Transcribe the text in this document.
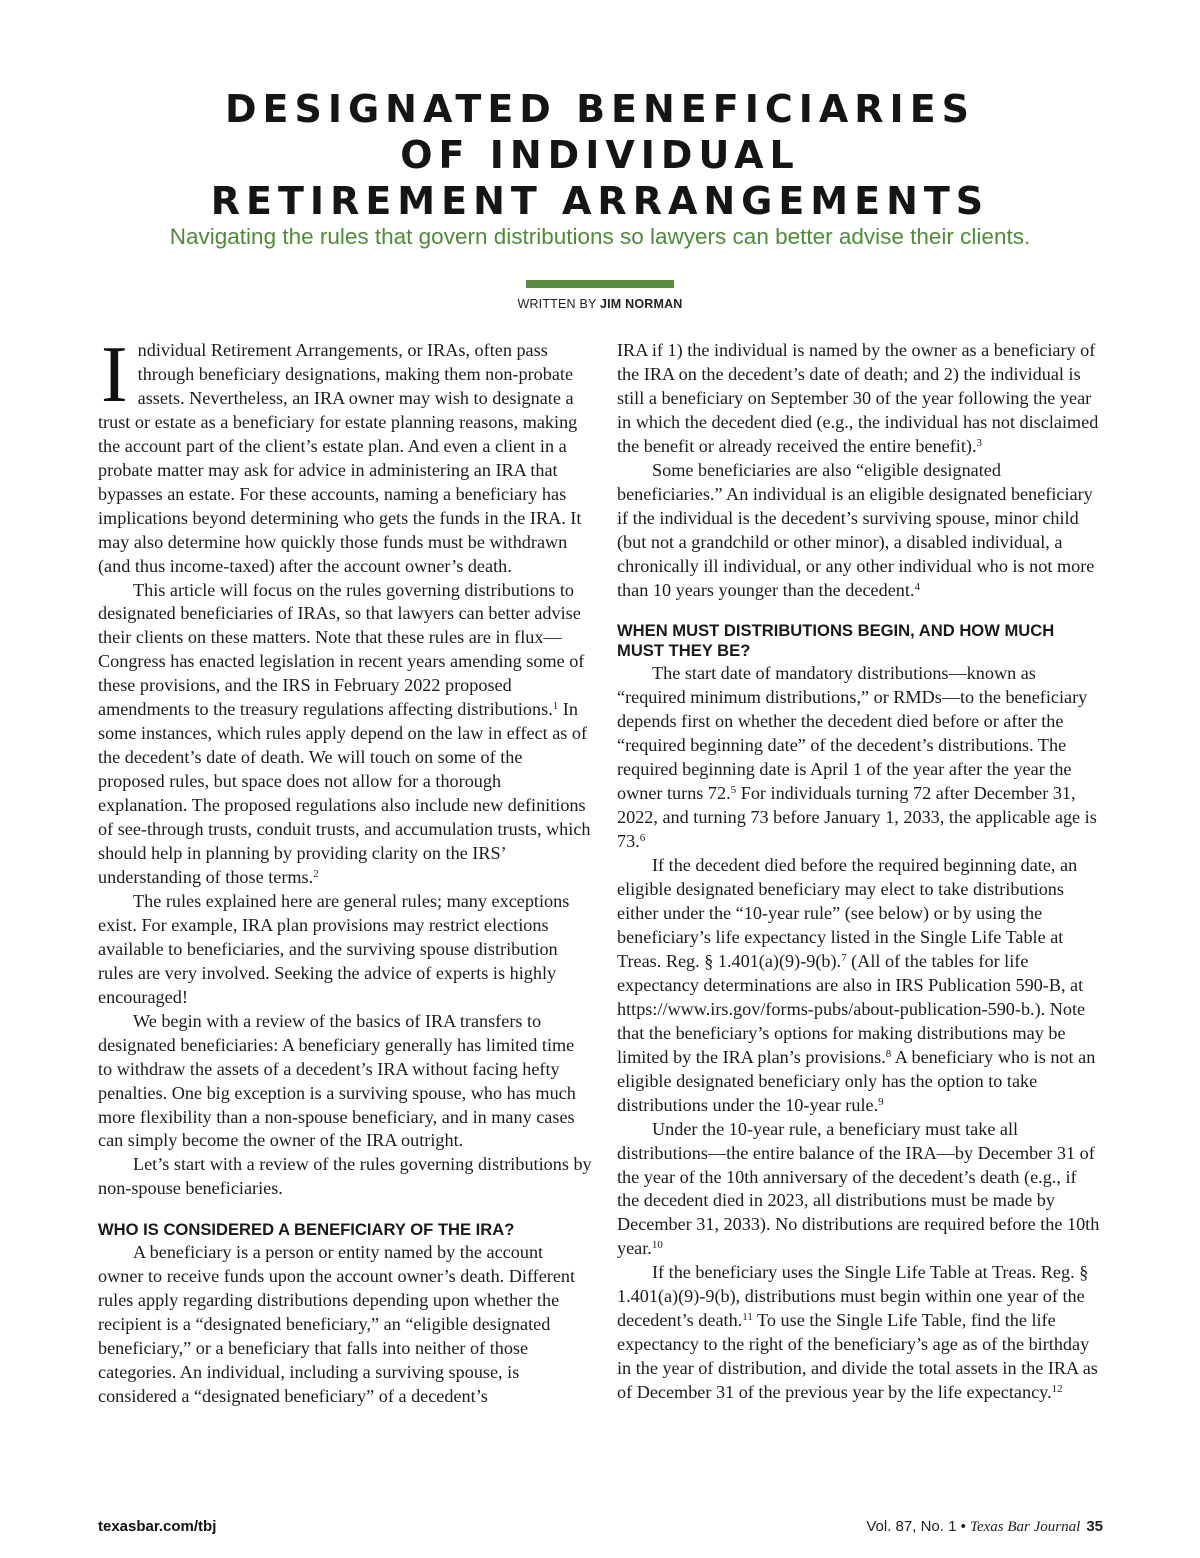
DESIGNATED BENEFICIARIES
OF INDIVIDUAL
RETIREMENT ARRANGEMENTS
Navigating the rules that govern distributions so lawyers can better advise their clients.
WRITTEN BY JIM NORMAN

Individual Retirement Arrangements, or IRAs, often pass through beneficiary designations, making them non-probate assets. Nevertheless, an IRA owner may wish to designate a trust or estate as a beneficiary for estate planning reasons, making the account part of the client’s estate plan. And even a client in a probate matter may ask for advice in administering an IRA that bypasses an estate. For these accounts, naming a beneficiary has implications beyond determining who gets the funds in the IRA. It may also determine how quickly those funds must be withdrawn (and thus income-taxed) after the account owner’s death.

This article will focus on the rules governing distributions to designated beneficiaries of IRAs, so that lawyers can better advise their clients on these matters. Note that these rules are in flux—Congress has enacted legislation in recent years amending some of these provisions, and the IRS in February 2022 proposed amendments to the treasury regulations affecting distributions.$^1$ In some instances, which rules apply depend on the law in effect as of the decedent’s date of death. We will touch on some of the proposed rules, but space does not allow for a thorough explanation. The proposed regulations also include new definitions of see-through trusts, conduit trusts, and accumulation trusts, which should help in planning by providing clarity on the IRS’ understanding of those terms.$^2$

The rules explained here are general rules; many exceptions exist. For example, IRA plan provisions may restrict elections available to beneficiaries, and the surviving spouse distribution rules are very involved. Seeking the advice of experts is highly encouraged!

We begin with a review of the basics of IRA transfers to designated beneficiaries: A beneficiary generally has limited time to withdraw the assets of a decedent’s IRA without facing hefty penalties. One big exception is a surviving spouse, who has much more flexibility than a non-spouse beneficiary, and in many cases can simply become the owner of the IRA outright.

Let’s start with a review of the rules governing distributions by non-spouse beneficiaries.

WHO IS CONSIDERED A BENEFICIARY OF THE IRA?

A beneficiary is a person or entity named by the account owner to receive funds upon the account owner’s death. Different rules apply regarding distributions depending upon whether the recipient is a “designated beneficiary,” an “eligible designated beneficiary,” or a beneficiary that falls into neither of those categories. An individual, including a surviving spouse, is considered a “designated beneficiary” of a decedent’s

IRA if 1) the individual is named by the owner as a beneficiary of the IRA on the decedent’s date of death; and 2) the individual is still a beneficiary on September 30 of the year following the year in which the decedent died (e.g., the individual has not disclaimed the benefit or already received the entire benefit).$^3$

Some beneficiaries are also “eligible designated beneficiaries.” An individual is an eligible designated beneficiary if the individual is the decedent’s surviving spouse, minor child (but not a grandchild or other minor), a disabled individual, a chronically ill individual, or any other individual who is not more than 10 years younger than the decedent.$^4$

WHEN MUST DISTRIBUTIONS BEGIN, AND HOW MUCH MUST THEY BE?

The start date of mandatory distributions—known as “required minimum distributions,” or RMDs—to the beneficiary depends first on whether the decedent died before or after the “required beginning date” of the decedent’s distributions. The required beginning date is April 1 of the year after the year the owner turns 72.$^5$ For individuals turning 72 after December 31, 2022, and turning 73 before January 1, 2033, the applicable age is 73.$^6$

If the decedent died before the required beginning date, an eligible designated beneficiary may elect to take distributions either under the “10-year rule” (see below) or by using the beneficiary’s life expectancy listed in the Single Life Table at Treas. Reg. § 1.401(a)(9)-9(b).$^7$ (All of the tables for life expectancy determinations are also in IRS Publication 590-B, at https://www.irs.gov/forms-pubs/about-publication-590-b.). Note that the beneficiary’s options for making distributions may be limited by the IRA plan’s provisions.$^8$ A beneficiary who is not an eligible designated beneficiary only has the option to take distributions under the 10-year rule.$^9$

Under the 10-year rule, a beneficiary must take all distributions—the entire balance of the IRA—by December 31 of the year of the 10th anniversary of the decedent’s death (e.g., if the decedent died in 2023, all distributions must be made by December 31, 2033). No distributions are required before the 10th year.$^{10}$

If the beneficiary uses the Single Life Table at Treas. Reg. § 1.401(a)(9)-9(b), distributions must begin within one year of the decedent’s death.$^{11}$ To use the Single Life Table, find the life expectancy to the right of the beneficiary’s age as of the birthday in the year of distribution, and divide the total assets in the IRA as of December 31 of the previous year by the life expectancy.$^{12}$

texasbar.com/tbj	Vol. 87, No. 1 • Texas Bar Journal 35
